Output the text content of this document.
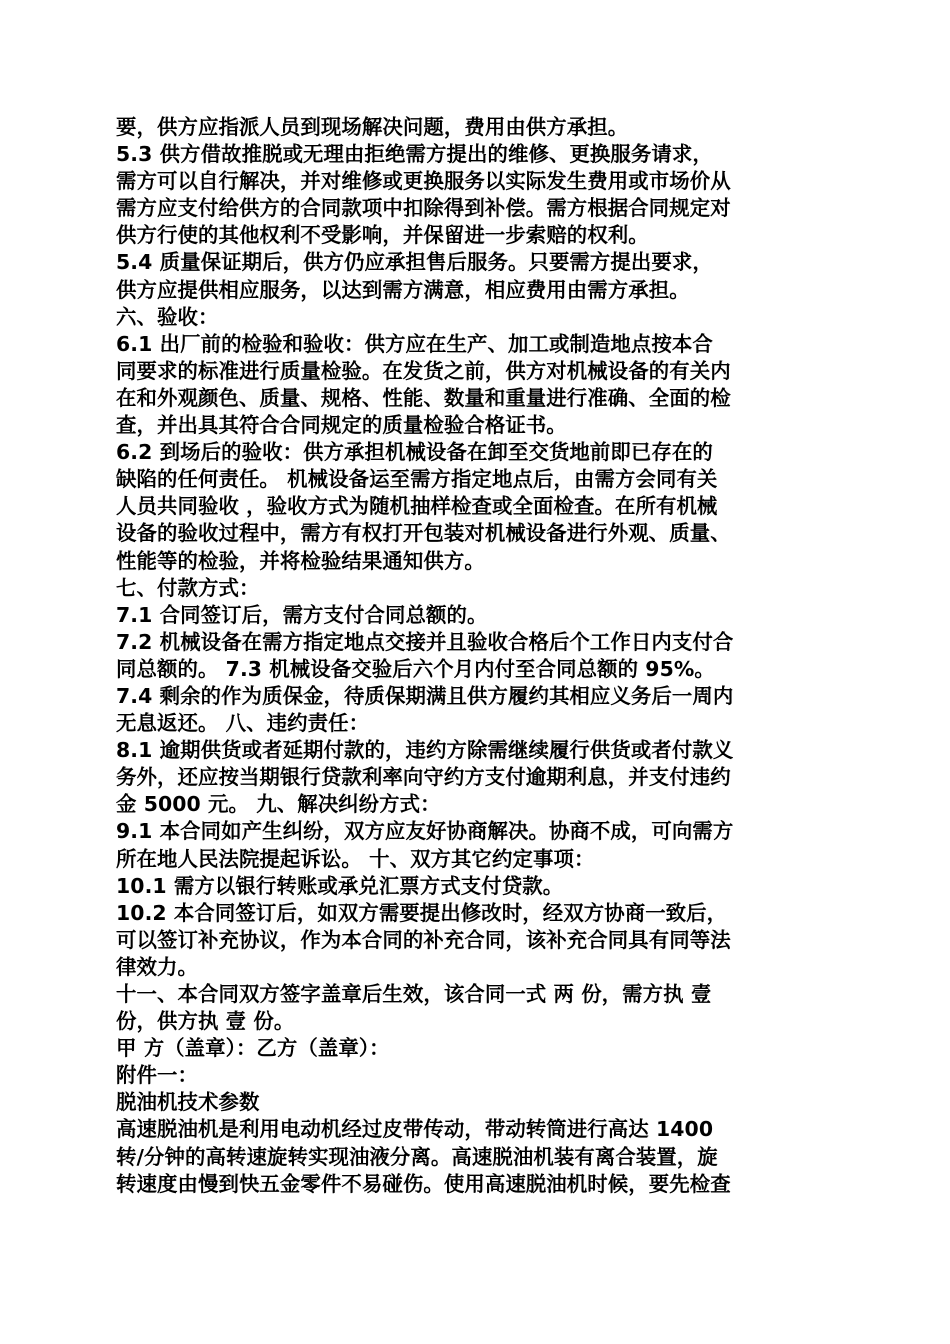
要，供方应指派人员到现场解决问题，费用由供方承担。
5.3 供方借故推脱或无理由拒绝需方提出的维修、更换服务请求，
需方可以自行解决，并对维修或更换服务以实际发生费用或市场价从
需方应支付给供方的合同款项中扣除得到补偿。需方根据合同规定对
供方行使的其他权利不受影响，并保留进一步索赔的权利。
5.4 质量保证期后，供方仍应承担售后服务。只要需方提出要求，
供方应提供相应服务，以达到需方满意，相应费用由需方承担。
六、验收：
6.1 出厂前的检验和验收：供方应在生产、加工或制造地点按本合
同要求的标准进行质量检验。在发货之前，供方对机械设备的有关内
在和外观颜色、质量、规格、性能、数量和重量进行准确、全面的检
查，并出具其符合合同规定的质量检验合格证书。
6.2 到场后的验收：供方承担机械设备在卸至交货地前即已存在的
缺陷的任何责任。 机械设备运至需方指定地点后，由需方会同有关
人员共同验收 ，验收方式为随机抽样检查或全面检查。在所有机械
设备的验收过程中，需方有权打开包装对机械设备进行外观、质量、
性能等的检验，并将检验结果通知供方。
七、付款方式：
7.1 合同签订后，需方支付合同总额的。
7.2 机械设备在需方指定地点交接并且验收合格后个工作日内支付合
同总额的。 7.3 机械设备交验后六个月内付至合同总额的 95%。
7.4 剩余的作为质保金，待质保期满且供方履约其相应义务后一周内
无息返还。 八、违约责任：
8.1 逾期供货或者延期付款的，违约方除需继续履行供货或者付款义
务外，还应按当期银行贷款利率向守约方支付逾期利息，并支付违约
金 5000 元。 九、解决纠纷方式：
9.1 本合同如产生纠纷，双方应友好协商解决。协商不成，可向需方
所在地人民法院提起诉讼。 十、双方其它约定事项：
10.1 需方以银行转账或承兑汇票方式支付贷款。
10.2 本合同签订后，如双方需要提出修改时，经双方协商一致后，
可以签订补充协议，作为本合同的补充合同，该补充合同具有同等法
律效力。
十一、本合同双方签字盖章后生效，该合同一式 两 份，需方执 壹
份，供方执 壹 份。
甲 方（盖章）：乙方（盖章）：
附件一：
脱油机技术参数
高速脱油机是利用电动机经过皮带传动，带动转筒进行高达 1400
转/分钟的高转速旋转实现油液分离。高速脱油机装有离合装置，旋
转速度由慢到快五金零件不易碰伤。使用高速脱油机时候，要先检查
